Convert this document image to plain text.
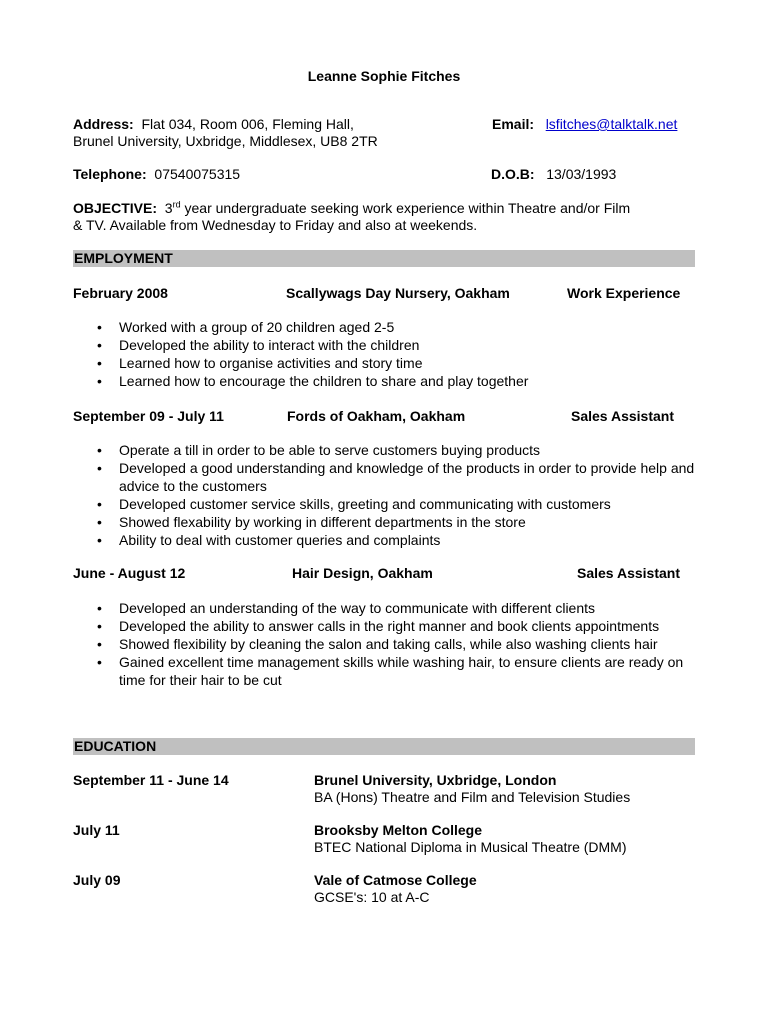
Leanne Sophie Fitches
Address: Flat 034, Room 006, Fleming Hall,
Brunel University, Uxbridge, Middlesex, UB8 2TR
Email: lsfitches@talktalk.net
Telephone: 07540075315	D.O.B: 13/03/1993
OBJECTIVE: 3rd year undergraduate seeking work experience within Theatre and/or Film
& TV. Available from Wednesday to Friday and also at weekends.
EMPLOYMENT
February 2008	Scallywags Day Nursery, Oakham	Work Experience
• Worked with a group of 20 children aged 2-5
• Developed the ability to interact with the children
• Learned how to organise activities and story time
• Learned how to encourage the children to share and play together
September 09 - July 11	Fords of Oakham, Oakham	Sales Assistant
• Operate a till in order to be able to serve customers buying products
• Developed a good understanding and knowledge of the products in order to provide help and advice to the customers
• Developed customer service skills, greeting and communicating with customers
• Showed flexability by working in different departments in the store
• Ability to deal with customer queries and complaints
June - August 12	Hair Design, Oakham	Sales Assistant
• Developed an understanding of the way to communicate with different clients
• Developed the ability to answer calls in the right manner and book clients appointments
• Showed flexibility by cleaning the salon and taking calls, while also washing clients hair
• Gained excellent time management skills while washing hair, to ensure clients are ready on time for their hair to be cut
EDUCATION
September 11 - June 14	Brunel University, Uxbridge, London
BA (Hons) Theatre and Film and Television Studies
July 11	Brooksby Melton College
BTEC National Diploma in Musical Theatre (DMM)
July 09	Vale of Catmose College
GCSE's: 10 at A-C
